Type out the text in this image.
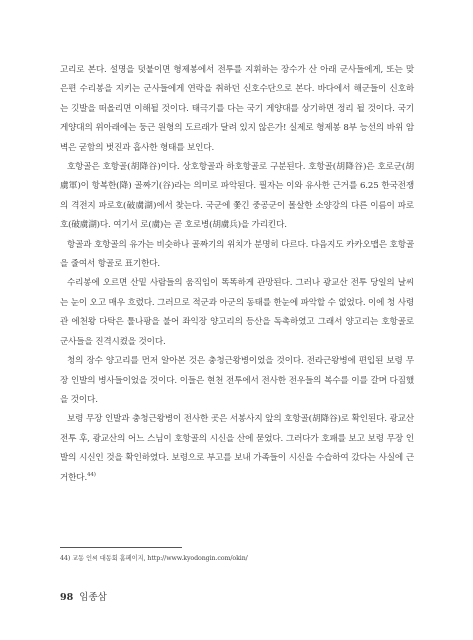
고리로 본다. 설명을 덧붙이면 형제봉에서 전투를 지휘하는 장수가 산 아래 군사들에게, 또는 맞은편 수리봉을 지키는 군사들에게 연락을 취하던 신호수단으로 본다. 바다에서 해군들이 신호하는 깃발을 떠올리면 이해될 것이다. 태극기를 다는 국기 게양대를 상기하면 정리 될 것이다. 국기 게양대의 위아래에는 둥근 원형의 도르래가 달려 있지 않은가! 실제로 형제봉 8부 능선의 바위 암벽은 굳함의 벗진과 흡사한 형태를 보인다.

호항골은 호항골(胡降谷)이다. 상호항골과 하호항골로 구분된다. 호항골(胡降谷)은 호로군(胡虜軍)이 항복한(降) 골짜기(谷)라는 의미로 파악된다. 필자는 이와 유사한 근거를 6.25 한국전쟁의 격전지 파로호(破虜湖)에서 찾는다. 국군에 쫓긴 중공군이 몰살한 소양강의 다른 이름이 파로호(破虜湖)다. 여기서 로(虜)는 곧 호로병(胡虜兵)을 가리킨다.

항골과 호항골의 유가는 비슷하나 골짜기의 위치가 분명히 다르다. 다음지도 카카오맵은 호항골을 줄여서 항골로 표기한다.

수리봉에 오르면 산밑 사람들의 움직임이 똑똑하게 관망된다. 그러나 광교산 전투 당일의 날씨는 눈이 오고 매우 흐렸다. 그러므로 적군과 아군의 동태를 한눈에 파악할 수 없었다. 이에 청 사령관 에천왕 다탁은 툴나팡을 불어 좌익장 양고리의 등산을 독촉하였고 그래서 양고리는 호항골로 군사들을 진격시켰을 것이다.

청의 장수 양고리를 먼저 알아본 것은 충청근왕병이었을 것이다. 전라근왕병에 편입된 보령 무장 인발의 병사들이었을 것이다. 이들은 현천 전투에서 전사한 전우들의 복수를 이를 갈며 다짐했을 것이다.

보령 무장 인발과 충청근왕병이 전사한 곳은 서봉사지 앞의 호항골(胡降谷)로 확인된다. 광교산 전투 후, 광교산의 어느 스님이 호항골의 시신을 산에 묻었다. 그러다가 호패를 보고 보령 무장 인발의 시신인 것을 확인하였다. 보령으로 부고를 보내 가족들이 시신을 수습하여 갔다는 사실에 근거한다.$^{44)}$

44) 교동 인씨 대동회 홈페이지, http://www.kyodongin.com/okin/
98 임종삼
